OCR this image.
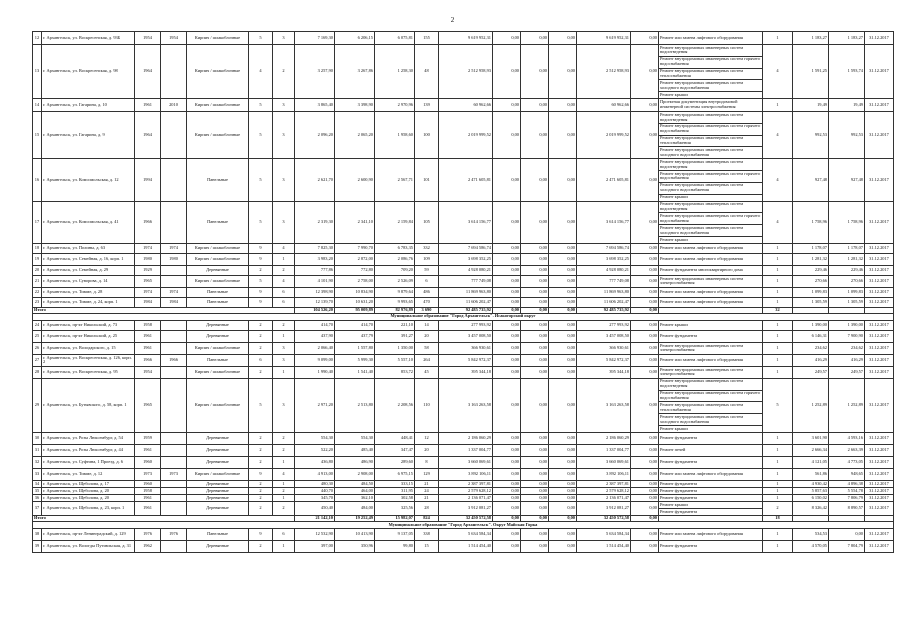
2
12	г. Архангельск, ул. Воскресенская, д. 93Б	1954	1954	Кирпич / шлакоблочные	5	3	7 169,30	6 206,15	6 075,81	155	9 619 952,31	0,00	0,00	0,00	9 619 952,31	0,00	Ремонт или замена лифтового оборудования	1	1 183,27	1 183,27	31.12.2017
13	г. Архангельск, ул. Воскресенская, д. 98	1964		Кирпич / шлакоблочные	4	2	3 257,90	3 267,86	1 258,30	48	2 512 958,93	0,00	0,00	0,00	2 512 958,93	0,00	Ремонт внутридомовых инженерных систем водоотведения
Ремонт внутридомовых инженерных систем горячего водоснабжения
Ремонт внутридомовых инженерных систем теплоснабжения
Ремонт внутридомовых инженерных систем холодного водоснабжения
Ремонт крыши	4	1 591,25	1 593,74	31.12.2017
14	г. Архангельск, ул. Гагарина, д. 10	1961	2010	Кирпич / шлакоблочные	5	3	3 865,40	3 398,90	2 970,96	139	60 962,66	0,00	0,00	0,00	60 962,66	0,00	Проектная документация внутридомовой инженерной системы электроснабжения	1	19,49	19,49	31.12.2017
15	г. Архангельск, ул. Гагарина, д. 9	1964		Кирпич / шлакоблочные	5	3	2 096,20	2 065,20	1 958,60	100	2 019 999,52	0,00	0,00	0,00	2 019 999,52	0,00	Ремонт внутридомовых инженерных систем водоотведения
Ремонт внутридомовых инженерных систем горячего водоснабжения
Ремонт внутридомовых инженерных систем теплоснабжения
Ремонт внутридомовых инженерных систем холодного водоснабжения	4	992,53	992,53	31.12.2017
16	г. Архангельск, ул. Комсомольская, д. 12	1994		Панельные	5	3	2 621,70	2 600,90	2 567,71	101	2 471 605,81	0,00	0,00	0,00	2 471 605,81	0,00	Ремонт внутридомовых инженерных систем водоотведения
Ремонт внутридомовых инженерных систем горячего водоснабжения
Ремонт внутридомовых инженерных систем холодного водоснабжения
Ремонт крыши	4	927,48	927,48	31.12.2017
17	г. Архангельск, ул. Комсомольская, д. 41	1966		Панельные	5	3	2 319,30	2 341,10	2 159,84	105	3 614 156,77	0,00	0,00	0,00	3 614 156,77	0,00	Ремонт внутридомовых инженерных систем водоотведения
Ремонт внутридомовых инженерных систем горячего водоснабжения
Ремонт внутридомовых инженерных систем холодного водоснабжения
Ремонт крыши	4	1 758,96	1 758,96	31.12.2017
18	г. Архангельск, ул. Полины, д. 63	1974	1974	Кирпич / шлакоблочные	9	4	7 825,30	7 990,70	6 783,35	332	7 694 586,74	0,00	0,00	0,00	7 694 586,74	0,00	Ремонт или замена лифтового оборудования	1	1 178,07	1 178,07	31.12.2017
19	г. Архангельск, ул. Семейная, д. 16, корп. 1	1980	1980	Кирпич / шлакоблочные	9	1	3 983,20	2 872,00	2 086,76	109	3 698 352,25	0,00	0,00	0,00	3 698 352,25	0,00	Ремонт или замена лифтового оборудования	1	1 281,32	1 281,32	31.12.2017
20	г. Архангельск, ул. Семейная, д. 29	1929		Деревянные	2	2	777,86	772,80	709,20	59	4 928 080,21	0,00	0,00	0,00	4 928 080,21	0,00	Ремонт фундамента многоквартирного дома	1	229,46	229,46	31.12.2017
21	г. Архангельск, ул. Суворова, д. 14	1965		Кирпич / шлакоблочные	5	4	4 101,90	2 758,00	2 526,09	6	777 749,08	0,00	0,00	0,00	777 749,08	0,00	Ремонт внутридомовых инженерных систем электроснабжения	1	270,66	270,66	31.12.2017
22	г. Архангельск, ул. Тимме, д. 28	1974	1974	Панельные	9	6	12 398,90	10 834,90	9 879,64	486	11 869 963,80	0,00	0,00	0,00	11 869 963,80	0,00	Ремонт или замена лифтового оборудования	1	1 099,83	1 099,83	31.12.2017
23	г. Архангельск, ул. Тимме, д. 24, корп. 1	1984	1984	Панельные	9	6	12 139,70	10 631,20	9 993,65	470	11 606 202,47	0,00	0,00	0,00	11 606 202,47	0,00	Ремонт или замена лифтового оборудования	1	1 305,59	1 305,59	31.12.2017
Итого							104 526,20	95 009,89	82 976,89	3 690	92 485 735,92	0,00	0,00	0,00	92 485 735,92	0,00		32			
Муниципальное образование "Город Архангельск". Исакогорский округ																					
24	г. Архангельск, пр-кт Никольский, д. 73	1958		Деревянные	2	2	414,70	414,70	221,10	14	277 993,92	0,00	0,00	0,00	277 993,92	0,00	Ремонт крыши	1	1 390,00	1 390,00	31.12.2017
25	г. Архангельск, пр-кт Никольский, д. 25	1961		Деревянные	2	1	437,90	437,79	391,27	20	3 457 008,50	0,00	0,00	0,00	3 457 008,50	0,00	Ремонт фундамента	1	6 146,31	7 900,90	31.12.2017
26	г. Архангельск, ул. Володарского, д. 15	1961		Кирпич / шлакоблочные	2	3	2 066,40	1 557,80	1 350,00	58	366 930,61	0,00	0,00	0,00	366 930,61	0,00	Ремонт внутридомовых инженерных систем электроснабжения	1	234,62	234,62	31.12.2017
27	г. Архангельск, ул. Воскресенская, д. 126, корп. 2	1966	1966	Панельные	6	3	9 099,00	5 999,30	5 557,10	264	5 842 972,37	0,00	0,00	0,00	5 842 972,37	0,00	Ремонт или замена лифтового оборудования	1	416,29	416,29	31.12.2017
28	г. Архангельск, ул. Воскресенская, д. 95	1954		Кирпич / шлакоблочные	2	1	1 990,40	1 541,40	853,72	45	395 344,18	0,00	0,00	0,00	395 344,18	0,00	Ремонт внутридомовых инженерных систем электроснабжения	1	249,57	249,57	31.12.2017
29	г. Архангельск, ул. Бутывского, д. 58, корп. 1	1965		Кирпич / шлакоблочные	5	3	2 971,20	2 513,80	2 208,56	110	3 163 263,58	0,00	0,00	0,00	3 163 263,58	0,00	Ремонт внутридомовых инженерных систем водоотведения
Ремонт внутридомовых инженерных систем горячего водоснабжения
Ремонт внутридомовых инженерных систем теплоснабжения
Ремонт внутридомовых инженерных систем холодного водоснабжения
Ремонт крыши	5	1 252,89	1 252,89	31.12.2017
30	г. Архангельск, ул. Розы Люксембург, д. 54	1959		Деревянные	2	2	554,30	554,30	448,41	12	2 186 060,29	0,00	0,00	0,00	2 186 060,29	0,00	Ремонт фундамента	1	3 601,90	4 593,16	31.12.2017
31	г. Архангельск, ул. Розы Люксембург, д. 44	1961		Деревянные	2	2	522,20	485,40	347,47	20	1 337 004,77	0,00	0,00	0,00	1 337 004,77	0,00	Ремонт печей	1	2 666,34	2 663,39	31.12.2017
32	г. Архангельск, ул. Суфтина, 1 Проезд, д. 6	1960		Деревянные	2	1	436,80	486,90	289,60	8	3 660 069,61	0,00	0,00	0,00	3 660 069,61	0,00	Ремонт фундамента	1	4 121,05	4 773,05	31.12.2017
33	г. Архангельск, ул. Тимме, д. 12	1973	1973	Кирпич / шлакоблочные	9	4	4 913,00	2 908,00	6 975,15	129	3 892 106,11	0,00	0,00	0,00	3 892 106,11	0,00	Ремонт или замена лифтового оборудования	1	561,86	948,65	31.12.2017
34	г. Архангельск, ул. Щеболова, д. 17	1960		Деревянные	2	1	480,30	484,50	333,15	21	2 387 397,81	0,00	0,00	0,00	2 387 397,81	0,00	Ремонт фундамента	1	4 930,42	4 896,38	31.12.2017
35	г. Архангельск, ул. Щеболова, д. 20	1958		Деревянные	2	2	440,70	464,00	311,95	24	2 579 628,12	0,00	0,00	0,00	2 579 628,12	0,00	Ремонт фундамента	1	5 857,63	5 554,78	31.12.2017
36	г. Архангельск, ул. Щеболова, д. 20	1961		Деревянные	2	1	345,70	362,10	302,58	21	2 136 071,47	0,00	0,00	0,00	2 136 071,47	0,00	Ремонт фундамента	1	6 150,02	7 806,79	31.12.2017
37	г. Архангельск, ул. Щеболова, д. 23, корп. 1	1961		Деревянные	2	2	450,40	484,00	325,56	28	3 912 081,27	0,00	0,00	0,00	3 912 081,27	0,00	Ремонт крыши
Ремонт фундамента	2	8 326,42	8 890,57	31.12.2017
Итого							21 142,10	19 252,49	15 982,07	824	32 450 572,58	0,00	0,00	0,00	32 450 572,58	0,00		18			
Муниципальное образование "Город Архангельск". Округ Майская Горка																					
38	г. Архангельск, пр-кт Ленинградский, д. 129	1976	1976	Панельные	9	6	12 532,90	10 413,90	9 137,05	338	5 634 584,34	0,00	0,00	0,00	5 634 584,34	0,00	Ремонт или замена лифтового оборудования	1	534,53	0,00	31.12.2017
39	г. Архангельск, ул. Вологды Путивльская, д. 31	1962		Деревянные	2	1	397,00	350,96	99,80	15	1 514 454,40	0,00	0,00	0,00	1 514 454,40	0,00	Ремонт фундамента	1	4 570,05	7 804,79	31.12.2017
